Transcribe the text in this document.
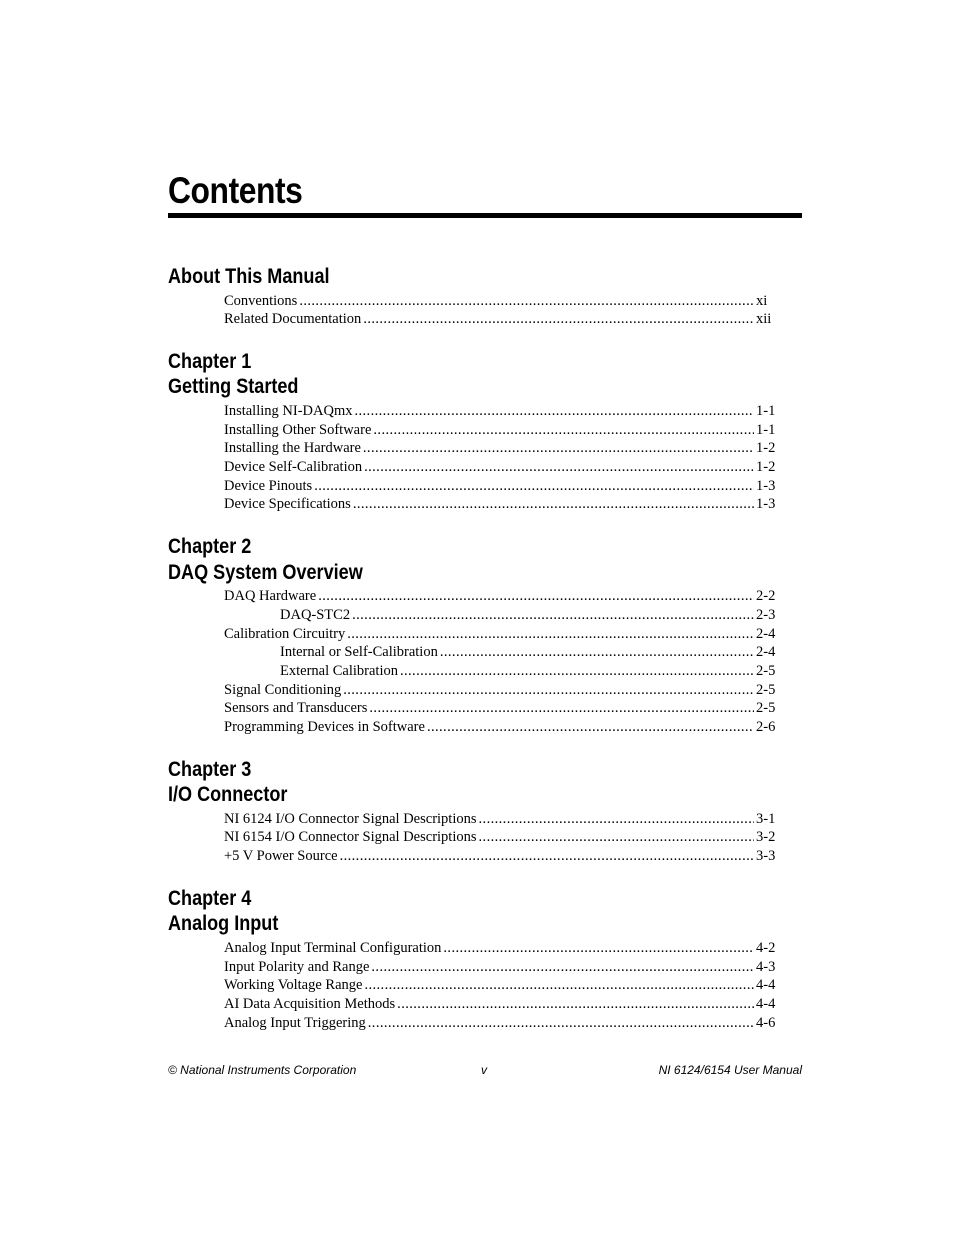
Contents
About This Manual
Conventions .....	xi
Related Documentation .....	xii
Chapter 1
Getting Started
Installing NI-DAQmx .....	1-1
Installing Other Software .....	1-1
Installing the Hardware .....	1-2
Device Self-Calibration .....	1-2
Device Pinouts .....	1-3
Device Specifications .....	1-3
Chapter 2
DAQ System Overview
DAQ Hardware .....	2-2
DAQ-STC2 .....	2-3
Calibration Circuitry .....	2-4
Internal or Self-Calibration .....	2-4
External Calibration .....	2-5
Signal Conditioning .....	2-5
Sensors and Transducers .....	2-5
Programming Devices in Software .....	2-6
Chapter 3
I/O Connector
NI 6124 I/O Connector Signal Descriptions .....	3-1
NI 6154 I/O Connector Signal Descriptions .....	3-2
+5 V Power Source .....	3-3
Chapter 4
Analog Input
Analog Input Terminal Configuration .....	4-2
Input Polarity and Range .....	4-3
Working Voltage Range .....	4-4
AI Data Acquisition Methods .....	4-4
Analog Input Triggering .....	4-6
© National Instruments Corporation	v	NI 6124/6154 User Manual
